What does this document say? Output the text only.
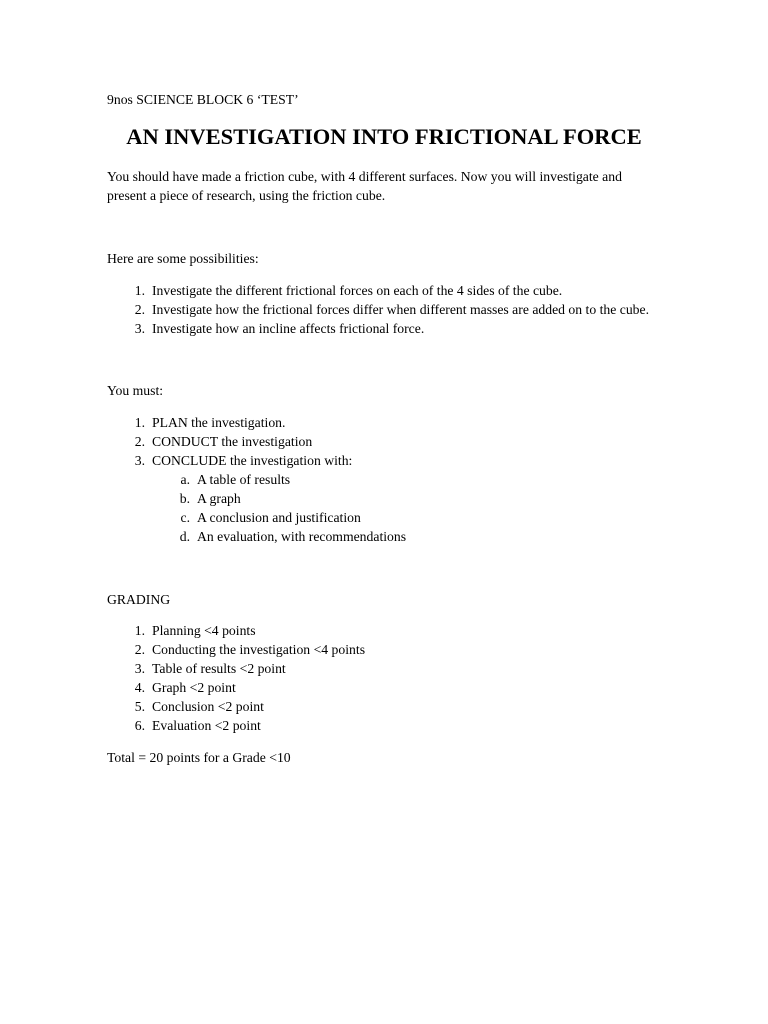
9nos SCIENCE BLOCK 6 ‘TEST’
AN INVESTIGATION INTO FRICTIONAL FORCE

You should have made a friction cube, with 4 different surfaces. Now you will investigate and

present a piece of research, using the friction cube.

Here are some possibilities:
1. Investigate the different frictional forces on each of the 4 sides of the cube.
2. Investigate how the frictional forces differ when different masses are added on to the cube.
3. Investigate how an incline affects frictional force.
You must:
1. PLAN the investigation.
2. CONDUCT the investigation
3. CONCLUDE the investigation with:
a. A table of results
b. A graph
c. A conclusion and justification
d. An evaluation, with recommendations
GRADING
1. Planning <4 points
2. Conducting the investigation <4 points
3. Table of results <2 point
4. Graph <2 point
5. Conclusion <2 point
6. Evaluation <2 point
Total = 20 points for a Grade <10
